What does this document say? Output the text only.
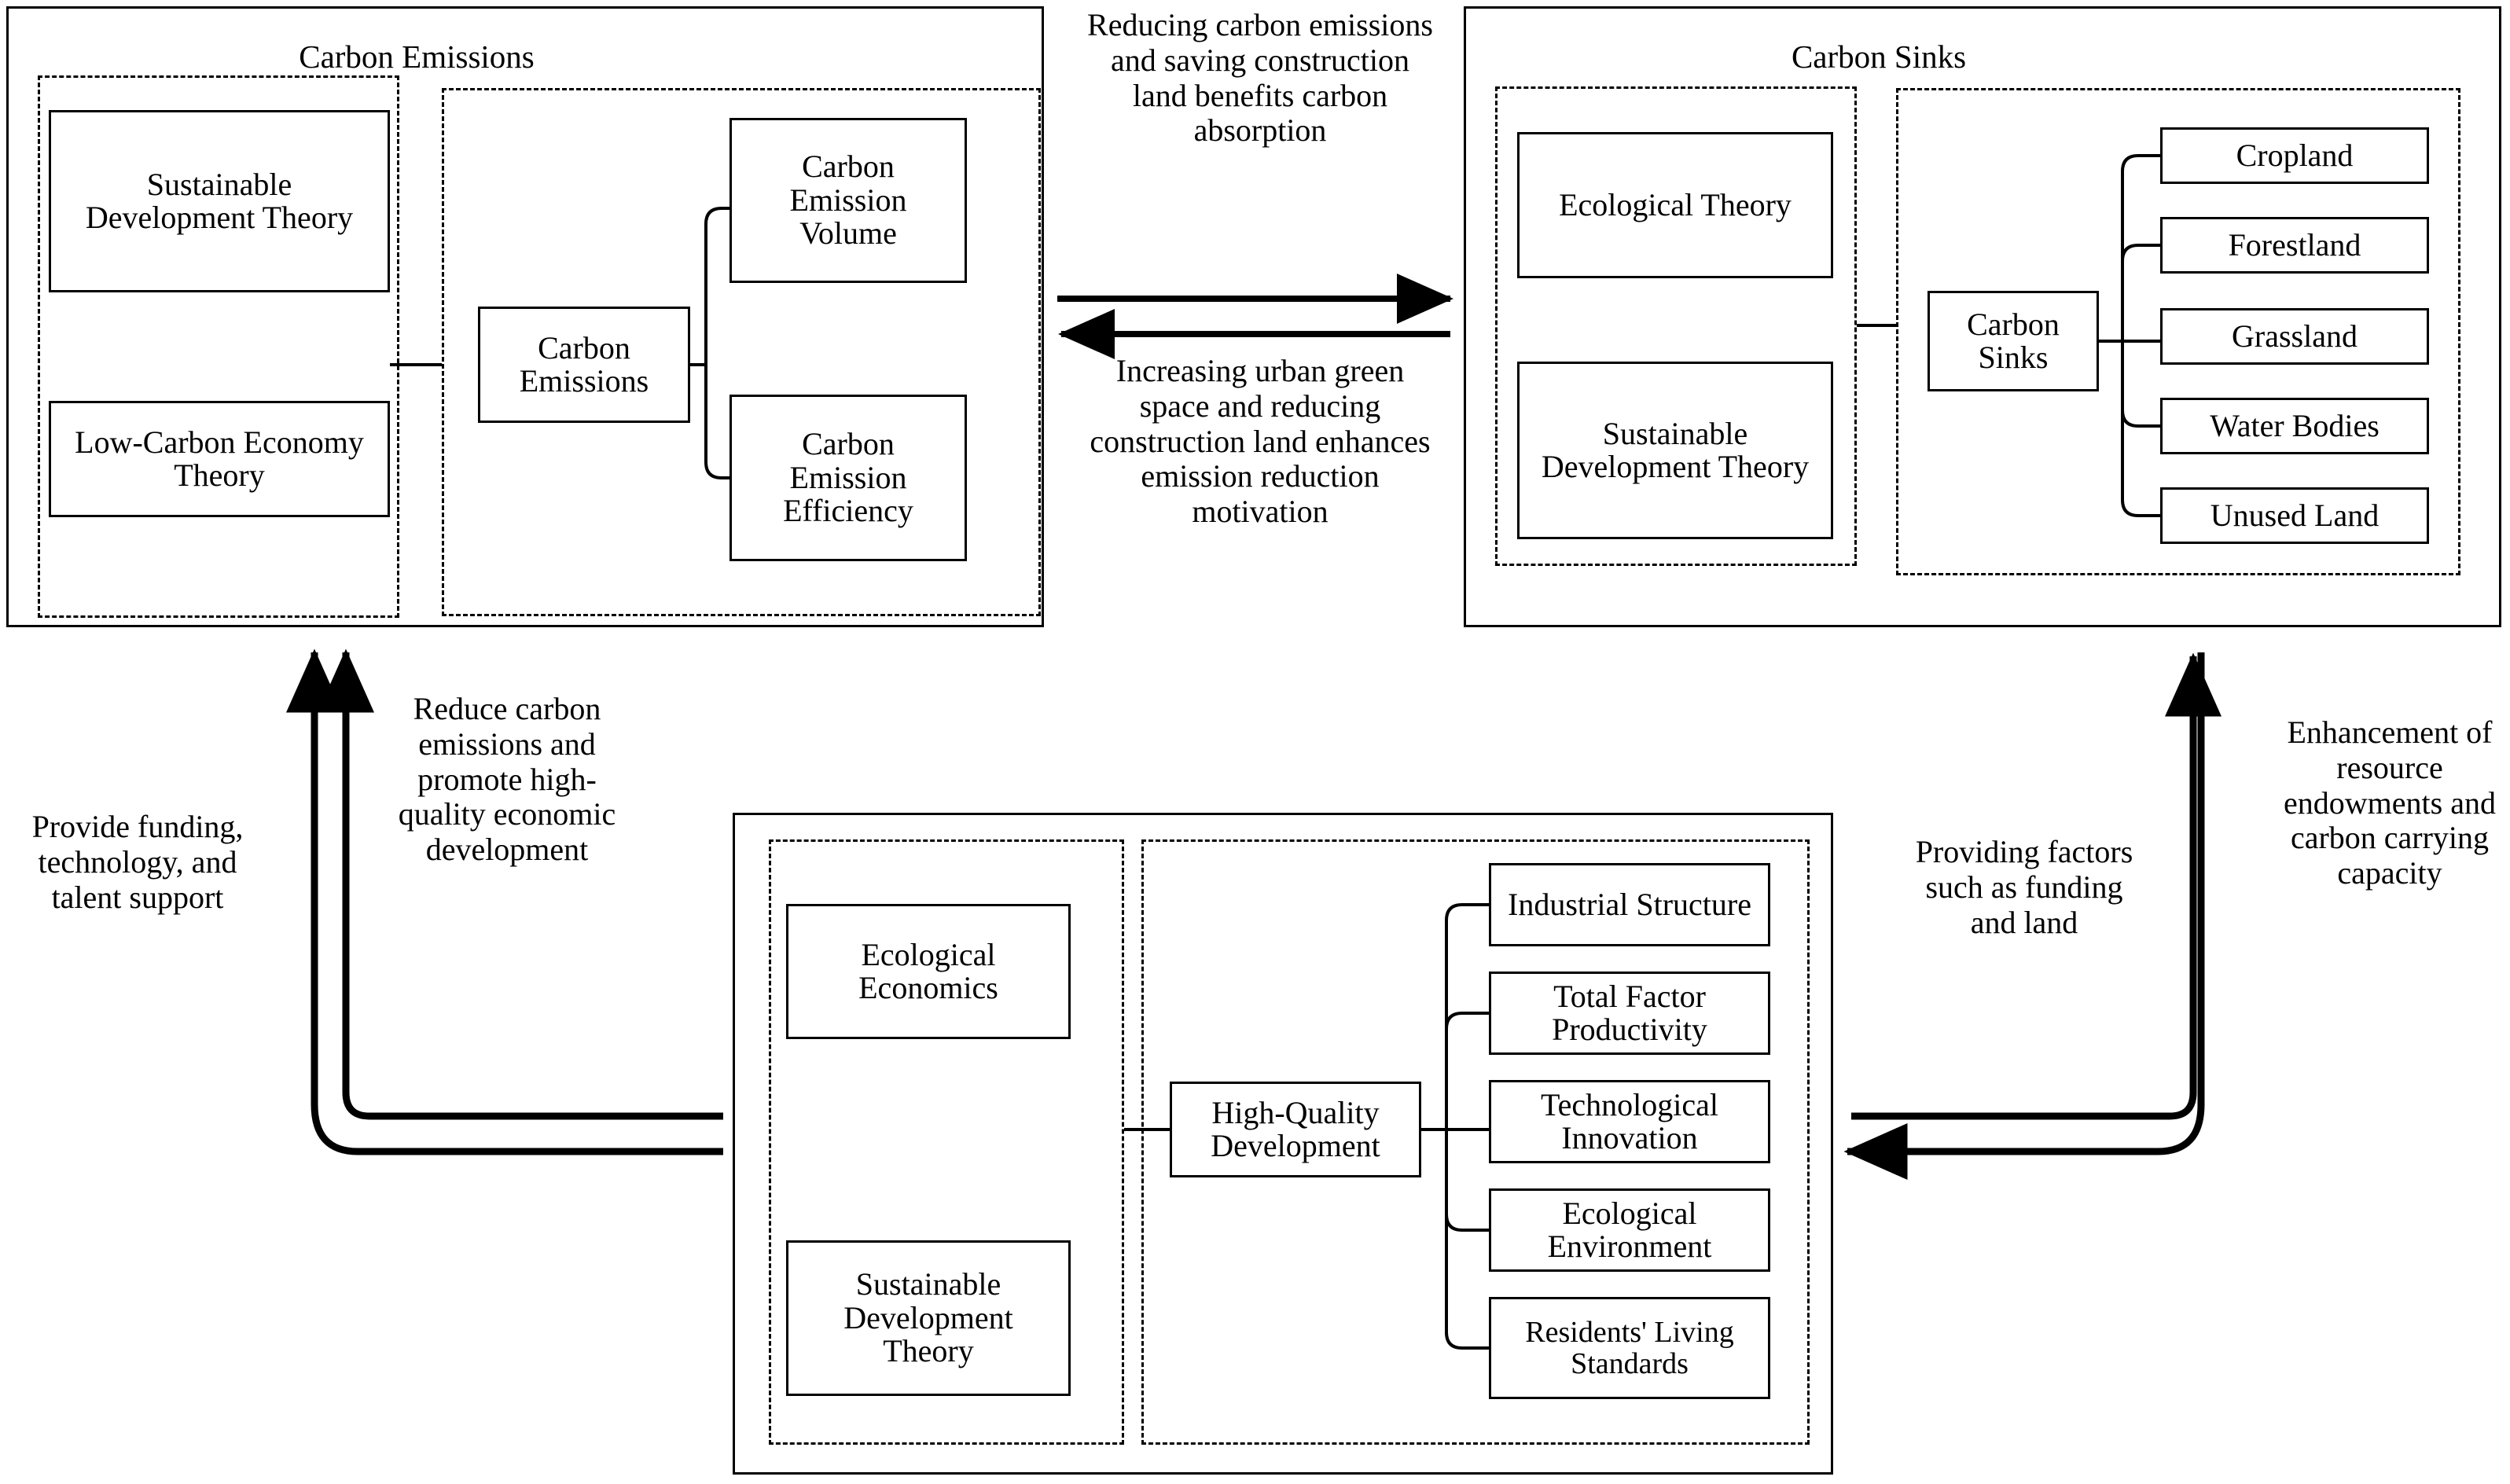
Carbon Emissions
Sustainable Development Theory
Low-Carbon Economy Theory
Carbon Emissions
Carbon Emission Volume
Carbon Emission Efficiency
Carbon Sinks
Ecological Theory
Sustainable Development Theory
Carbon Sinks
Cropland
Forestland
Grassland
Water Bodies
Unused Land
Ecological Economics
Sustainable Development Theory
High-Quality Development
Industrial Structure
Total Factor Productivity
Technological Innovation
Ecological Environment
Residents' Living Standards
Reducing carbon emissions and saving construction land benefits carbon absorption
Increasing urban green space and reducing construction land enhances emission reduction motivation
Provide funding, technology, and talent support
Reduce carbon emissions and promote high-quality economic development	Providing factors such as funding and land
Enhancement of resource endowments and carbon carrying capacity
